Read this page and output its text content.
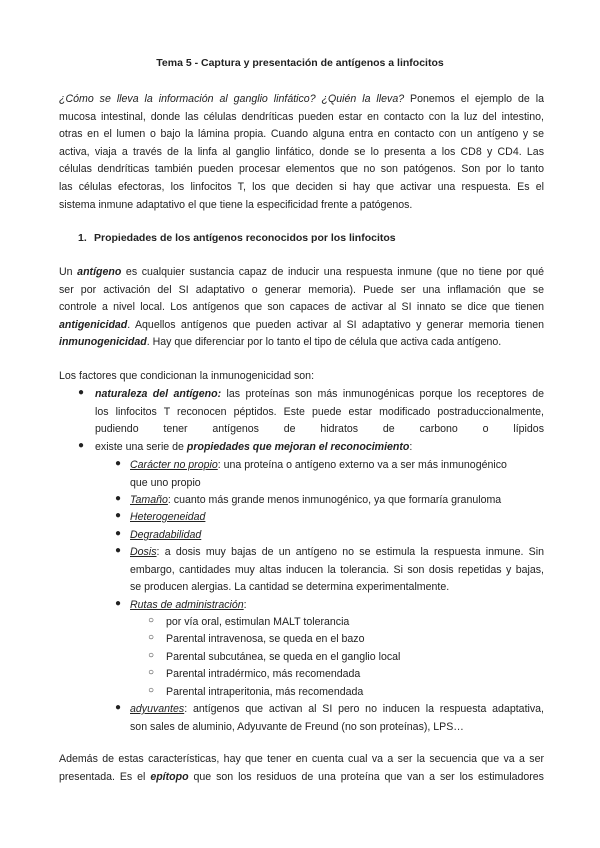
Tema 5 - Captura y presentación de antígenos a linfocitos
¿Cómo se lleva la información al ganglio linfático? ¿Quién la lleva? Ponemos el ejemplo de la
mucosa intestinal, donde las células dendríticas pueden estar en contacto con la luz del intestino,
otras en el lumen o bajo la lámina propia. Cuando alguna entra en contacto con un antígeno y se
activa, viaja a través de la linfa al ganglio linfático, donde se lo presenta a los CD8 y CD4. Las
células dendríticas también pueden procesar elementos que no son patógenos. Son por lo tanto
las células efectoras, los linfocitos T, los que deciden si hay que activar una respuesta. Es el
sistema inmune adaptativo el que tiene la especificidad frente a patógenos.
1. Propiedades de los antígenos reconocidos por los linfocitos
Un antígeno es cualquier sustancia capaz de inducir una respuesta inmune (que no tiene por qué
ser por activación del SI adaptativo o generar memoria). Puede ser una inflamación que se
controle a nivel local. Los antígenos que son capaces de activar al SI innato se dice que tienen
antigenicidad. Aquellos antígenos que pueden activar al SI adaptativo y generar memoria tienen
inmunogenicidad. Hay que diferenciar por lo tanto el tipo de célula que activa cada antígeno.
Los factores que condicionan la inmunogenicidad son:
● naturaleza del antígeno: las proteínas son más inmunogénicas porque los receptores de
los linfocitos T reconocen péptidos. Este puede estar modificado postraduccionalmente,
pudiendo tener antígenos de hidratos de carbono o lípidos
● existe una serie de propiedades que mejoran el reconocimiento:
● Carácter no propio: una proteína o antígeno externo va a ser más inmunogénico
que uno propio
● Tamaño: cuanto más grande menos inmunogénico, ya que formaría granuloma
● Heterogeneidad
● Degradabilidad
● Dosis: a dosis muy bajas de un antígeno no se estimula la respuesta inmune. Sin
embargo, cantidades muy altas inducen la tolerancia. Si son dosis repetidas y bajas,
se producen alergias. La cantidad se determina experimentalmente.
● Rutas de administración:
○ por vía oral, estimulan MALT tolerancia
○ Parental intravenosa, se queda en el bazo
○ Parental subcutánea, se queda en el ganglio local
○ Parental intradérmico, más recomendada
○ Parental intraperitonia, más recomendada
● adyuvantes: antígenos que activan al SI pero no inducen la respuesta adaptativa,
son sales de aluminio, Adyuvante de Freund (no son proteínas), LPS…
Además de estas características, hay que tener en cuenta cual va a ser la secuencia que va a ser
presentada. Es el epítopo que son los residuos de una proteína que van a ser los estimuladores
